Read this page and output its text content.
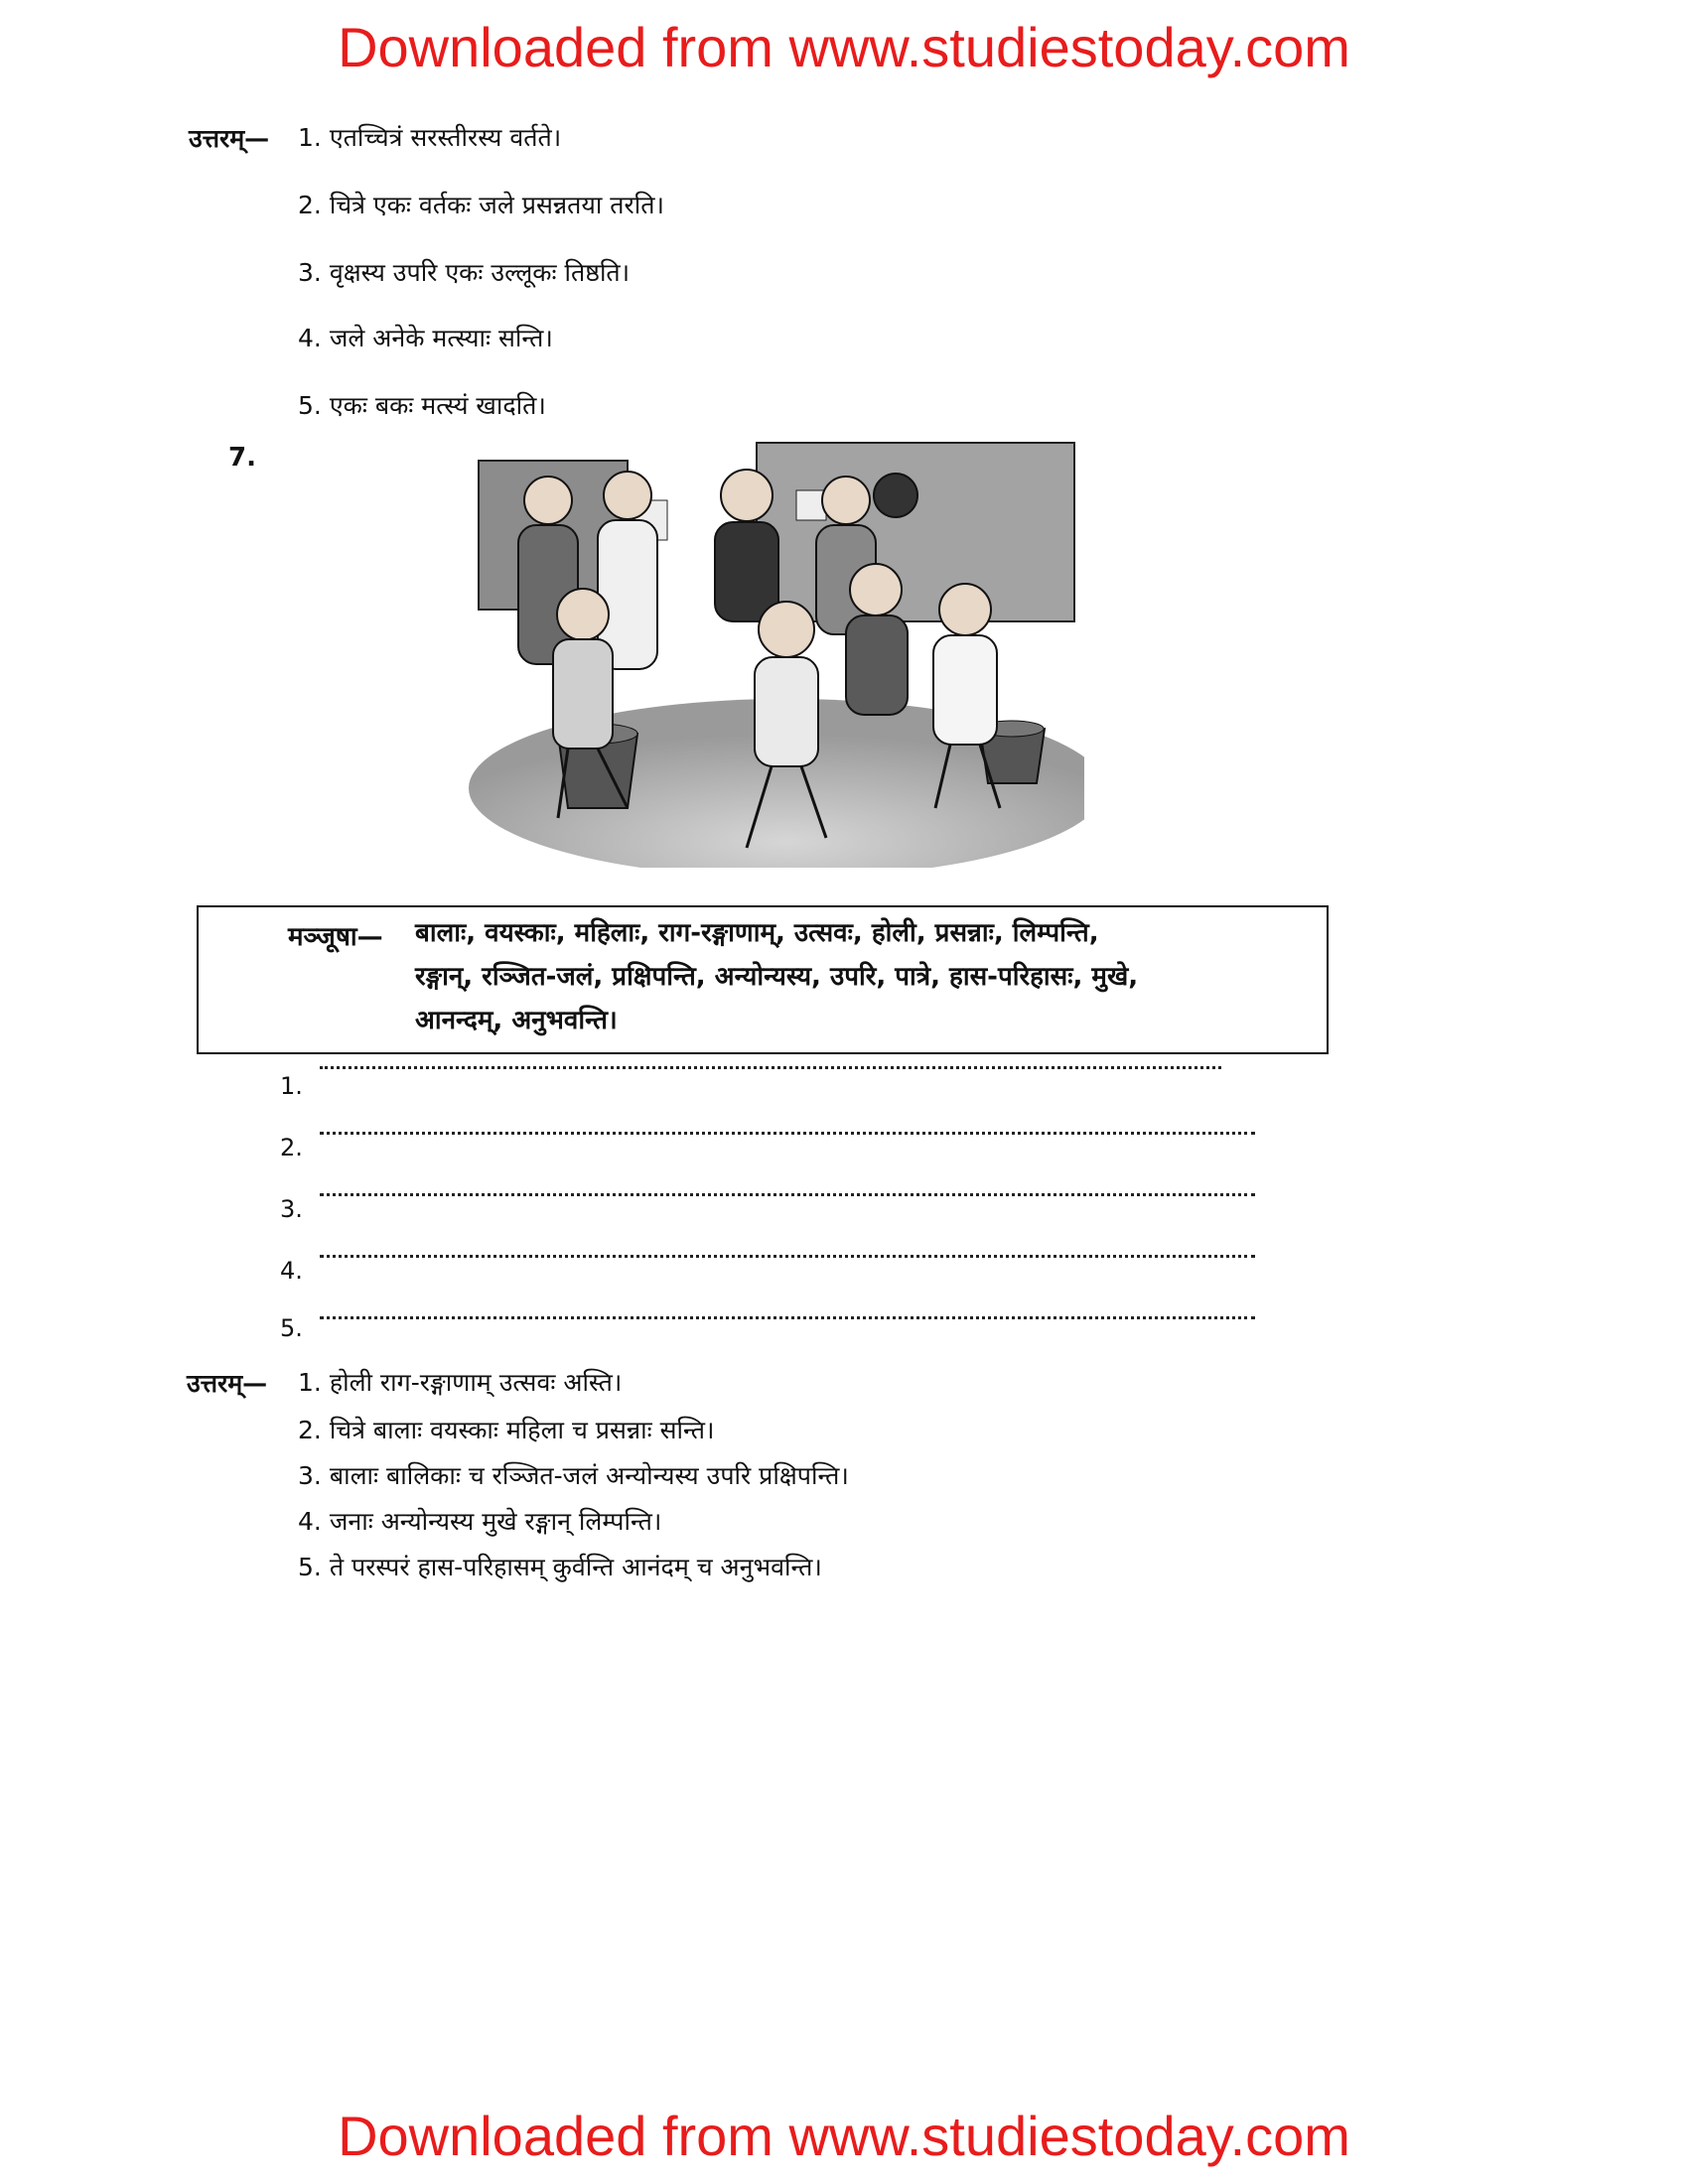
Downloaded from www.studiestoday.com
उत्तरम्— 1. एतच्चित्रं सरस्तीरस्य वर्तते।
2. चित्रे एकः वर्तकः जले प्रसन्नतया तरति।
3. वृक्षस्य उपरि एकः उल्लूकः तिष्ठति।
4. जले अनेके मत्स्याः सन्ति।
5. एकः बकः मत्स्यं खादति।
7.
मञ्जूषा— बालाः, वयस्काः, महिलाः, राग-रङ्गाणाम्, उत्सवः, होली, प्रसन्नाः, लिम्पन्ति,
रङ्गान्, रञ्जित-जलं, प्रक्षिपन्ति, अन्योन्यस्य, उपरि, पात्रे, हास-परिहासः, मुखे,
आनन्दम्, अनुभवन्ति।
1.
2.
3.
4.
5.
उत्तरम्— 1. होली राग-रङ्गाणाम् उत्सवः अस्ति।
2. चित्रे बालाः वयस्काः महिला च प्रसन्नाः सन्ति।
3. बालाः बालिकाः च रञ्जित-जलं अन्योन्यस्य उपरि प्रक्षिपन्ति।
4. जनाः अन्योन्यस्य मुखे रङ्गान् लिम्पन्ति।
5. ते परस्परं हास-परिहासम् कुर्वन्ति आनंदम् च अनुभवन्ति।
Downloaded from www.studiestoday.com
